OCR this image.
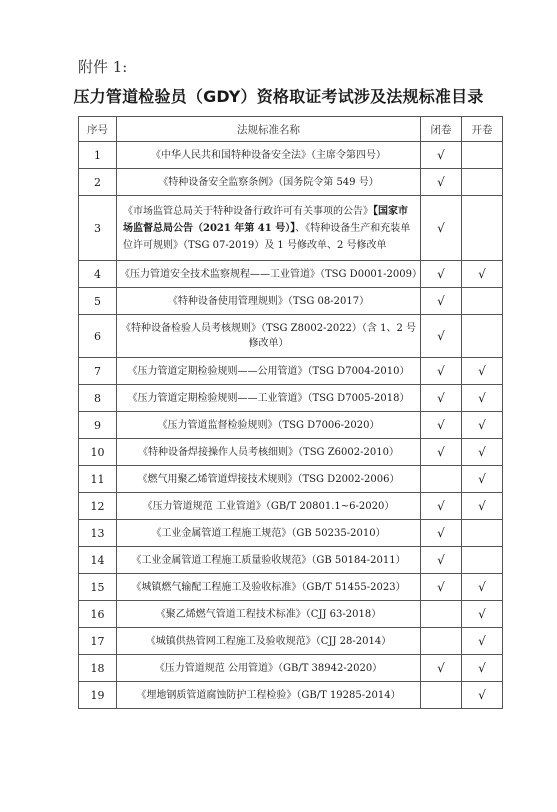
附件 1:
压力管道检验员（GDY）资格取证考试涉及法规标准目录
序号	法规标准名称	闭卷	开卷
1	《中华人民共和国特种设备安全法》（主席令第四号）	√	
2	《特种设备安全监察条例》（国务院令第 549 号）	√	
3	《市场监管总局关于特种设备行政许可有关事项的公告》【国家市场监督总局公告（2021 年第 41 号）】、《特种设备生产和充装单位许可规则》（TSG 07-2019）及 1 号修改单、2 号修改单	√	
4	《压力管道安全技术监察规程——工业管道》（TSG D0001-2009）	√	√
5	《特种设备使用管理规则》（TSG 08-2017）	√	
6	《特种设备检验人员考核规则》（TSG Z8002-2022）（含 1、2 号修改单）	√	
7	《压力管道定期检验规则——公用管道》（TSG D7004-2010）	√	√
8	《压力管道定期检验规则——工业管道》（TSG D7005-2018）	√	√
9	《压力管道监督检验规则》（TSG D7006-2020）	√	√
10	《特种设备焊接操作人员考核细则》（TSG Z6002-2010）	√	√
11	《燃气用聚乙烯管道焊接技术规则》（TSG D2002-2006）		√
12	《压力管道规范 工业管道》（GB/T 20801.1~6-2020）	√	√
13	《工业金属管道工程施工规范》（GB 50235-2010）	√	
14	《工业金属管道工程施工质量验收规范》（GB 50184-2011）	√	
15	《城镇燃气输配工程施工及验收标准》（GB/T 51455-2023）	√	√
16	《聚乙烯燃气管道工程技术标准》（CJJ 63-2018）		√
17	《城镇供热管网工程施工及验收规范》（CJJ 28-2014）		√
18	《压力管道规范 公用管道》（GB/T 38942-2020）	√	√
19	《埋地钢质管道腐蚀防护工程检验》（GB/T 19285-2014）		√
